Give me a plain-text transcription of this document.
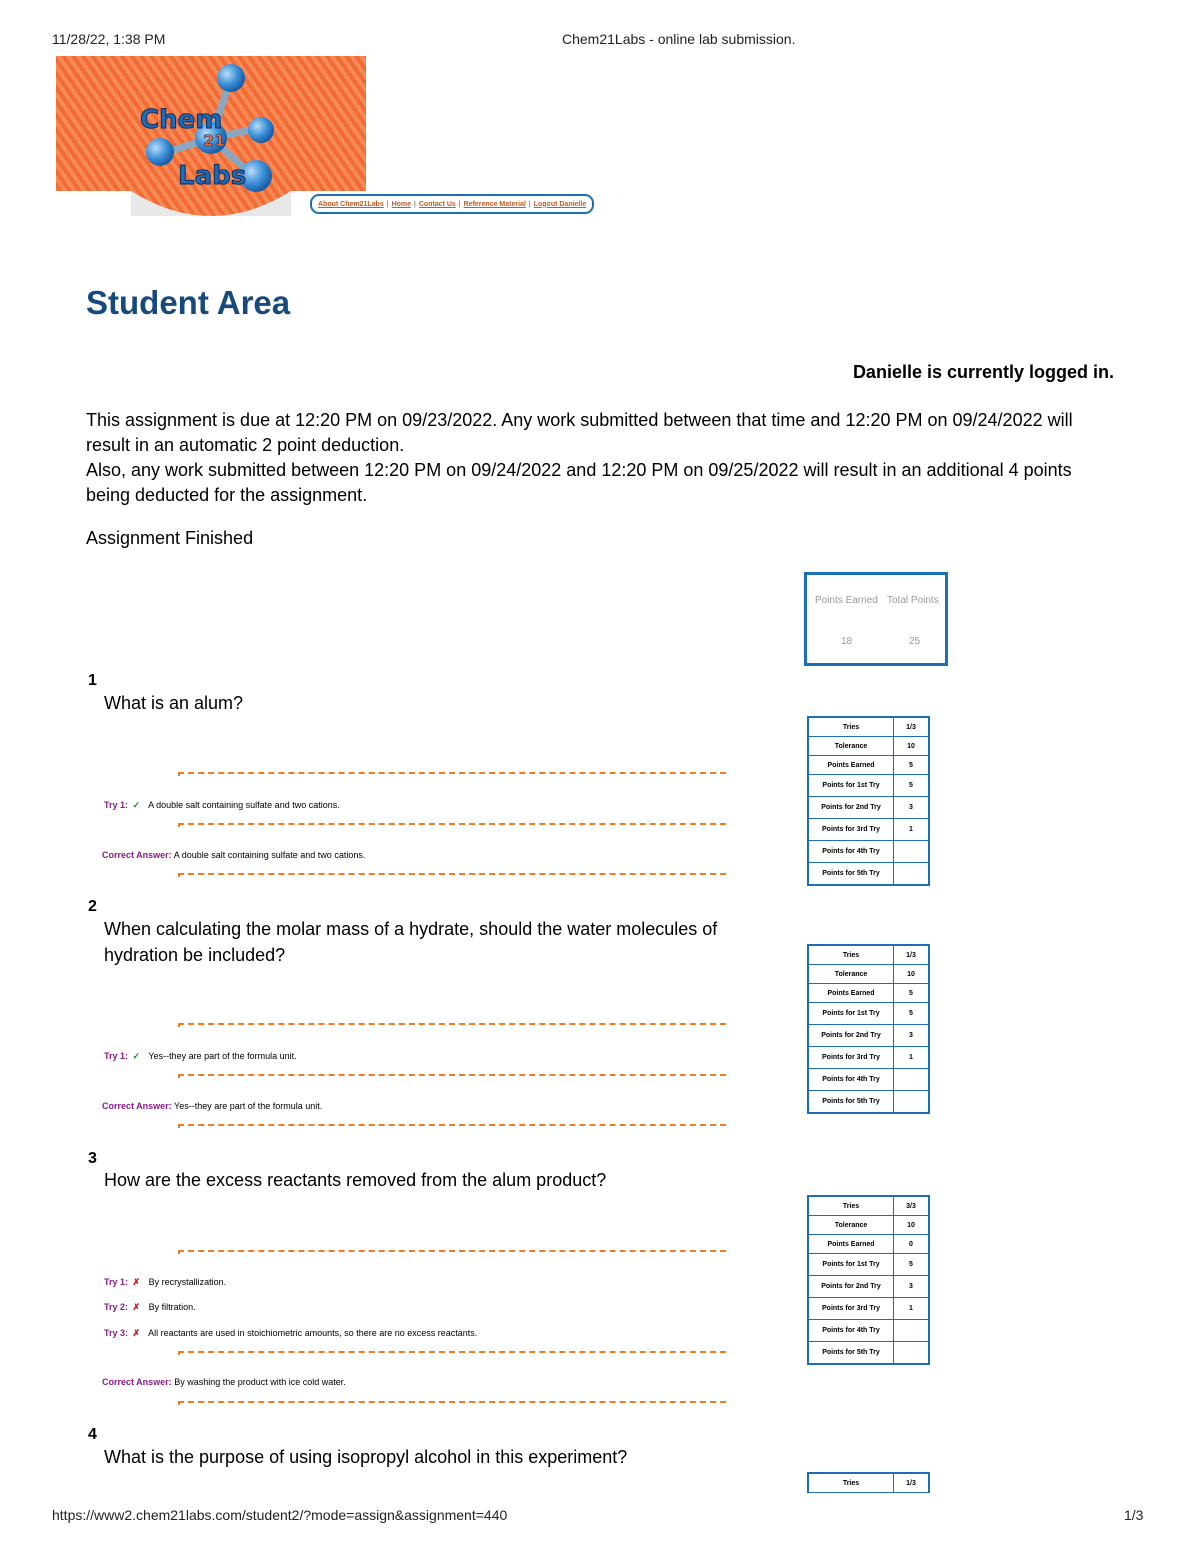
11/28/22, 1:38 PM	Chem21Labs - online lab submission.
Chem
21
Labs
About Chem21Labs | Home | Contact Us | Reference Material | Logout Danielle
Student Area
Danielle is currently logged in.
This assignment is due at 12:20 PM on 09/23/2022. Any work submitted between that time and 12:20 PM on 09/24/2022 will result in an automatic 2 point deduction.
Also, any work submitted between 12:20 PM on 09/24/2022 and 12:20 PM on 09/25/2022 will result in an additional 4 points being deducted for the assignment.
Assignment Finished
Points Earned Total Points
18	25
1
What is an alum?
Try 1: ✓ A double salt containing sulfate and two cations.
Correct Answer: A double salt containing sulfate and two cations.
Tries	1/3
Tolerance	10
Points Earned	5
Points for 1st Try	5
Points for 2nd Try	3
Points for 3rd Try	1
Points for 4th Try	
Points for 5th Try	
2
When calculating the molar mass of a hydrate, should the water molecules of hydration be included?
Try 1: ✓ Yes--they are part of the formula unit.
Correct Answer: Yes--they are part of the formula unit.
Tries	1/3
Tolerance	10
Points Earned	5
Points for 1st Try	5
Points for 2nd Try	3
Points for 3rd Try	1
Points for 4th Try	
Points for 5th Try	
3
How are the excess reactants removed from the alum product?
Try 1: ✗ By recrystallization.
Try 2: ✗ By filtration.
Try 3: ✗ All reactants are used in stoichiometric amounts, so there are no excess reactants.
Correct Answer: By washing the product with ice cold water.
Tries	3/3
Tolerance	10
Points Earned	0
Points for 1st Try	5
Points for 2nd Try	3
Points for 3rd Try	1
Points for 4th Try	
Points for 5th Try	
4
What is the purpose of using isopropyl alcohol in this experiment?
Tries	1/3
https://www2.chem21labs.com/student2/?mode=assign&assignment=440	1/3
